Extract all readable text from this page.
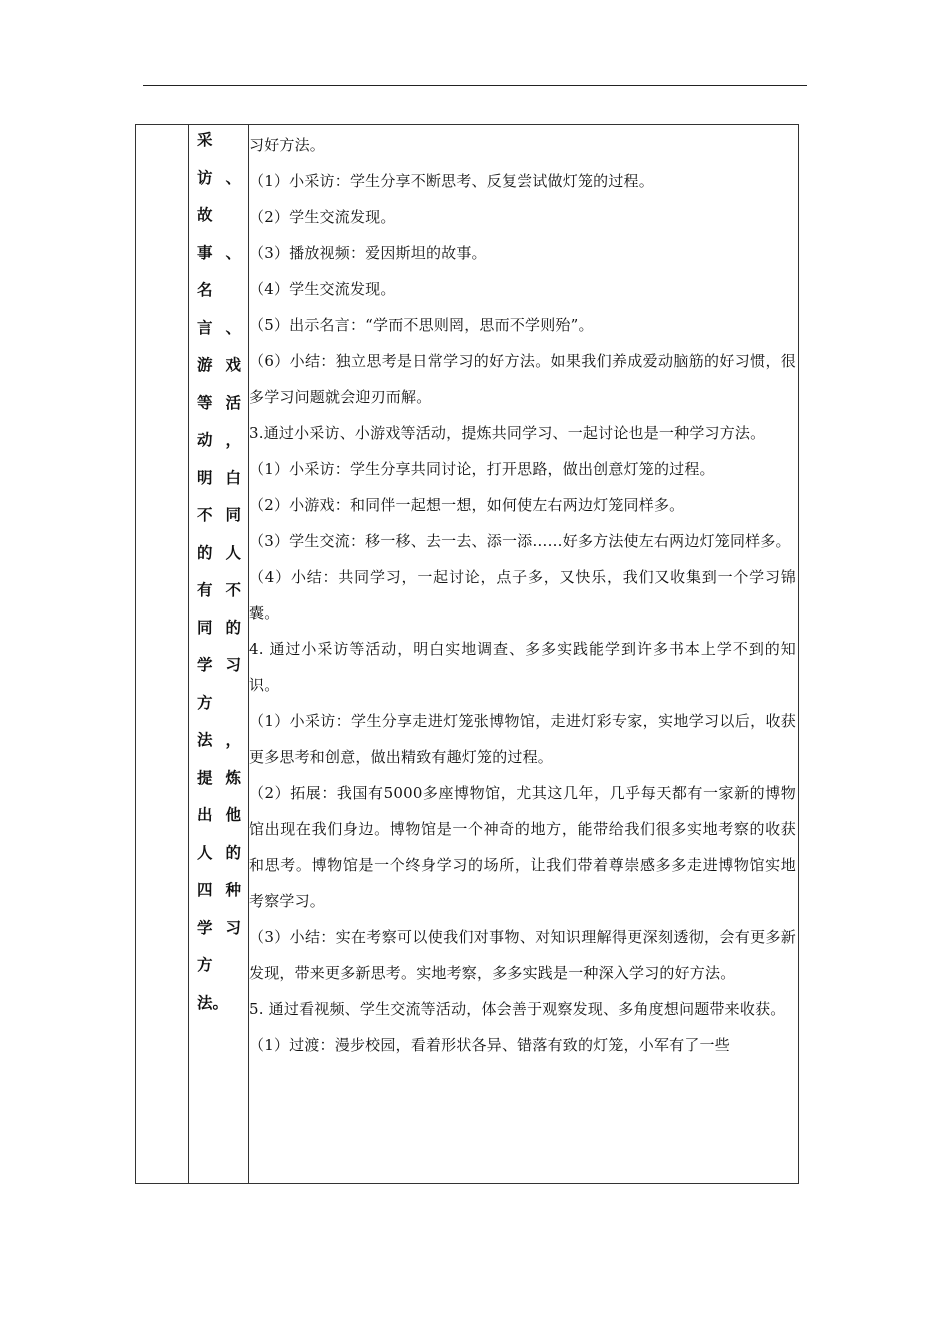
采
访 、
故
事 、
名
言 、
游 戏
等 活
动 ，
明 白
不 同
的 人
有 不
同 的
学 习
方
法 ，
提 炼
出 他
人 的
四 种
学 习
方
法。

习好方法。

（1）小采访：学生分享不断思考、反复尝试做灯笼的过程。

（2）学生交流发现。

（3）播放视频：爱因斯坦的故事。

（4）学生交流发现。

（5）出示名言：“学而不思则罔，思而不学则殆”。

（6）小结：独立思考是日常学习的好方法。如果我们养成爱动脑筋的好习惯，很多学习问题就会迎刃而解。

3.通过小采访、小游戏等活动，提炼共同学习、一起讨论也是一种学习方法。

（1）小采访：学生分享共同讨论，打开思路，做出创意灯笼的过程。

（2）小游戏：和同伴一起想一想，如何使左右两边灯笼同样多。

（3）学生交流：移一移、去一去、添一添……好多方法使左右两边灯笼同样多。

（4）小结：共同学习，一起讨论，点子多，又快乐，我们又收集到一个学习锦囊。

4. 通过小采访等活动，明白实地调查、多多实践能学到许多书本上学不到的知识。

（1）小采访：学生分享走进灯笼张博物馆，走进灯彩专家，实地学习以后，收获更多思考和创意，做出精致有趣灯笼的过程。

（2）拓展：我国有5000多座博物馆，尤其这几年，几乎每天都有一家新的博物馆出现在我们身边。博物馆是一个神奇的地方，能带给我们很多实地考察的收获和思考。博物馆是一个终身学习的场所，让我们带着尊崇感多多走进博物馆实地考察学习。

（3）小结：实在考察可以使我们对事物、对知识理解得更深刻透彻，会有更多新发现，带来更多新思考。实地考察，多多实践是一种深入学习的好方法。

5. 通过看视频、学生交流等活动，体会善于观察发现、多角度想问题带来收获。

（1）过渡：漫步校园，看着形状各异、错落有致的灯笼，小军有了一些
